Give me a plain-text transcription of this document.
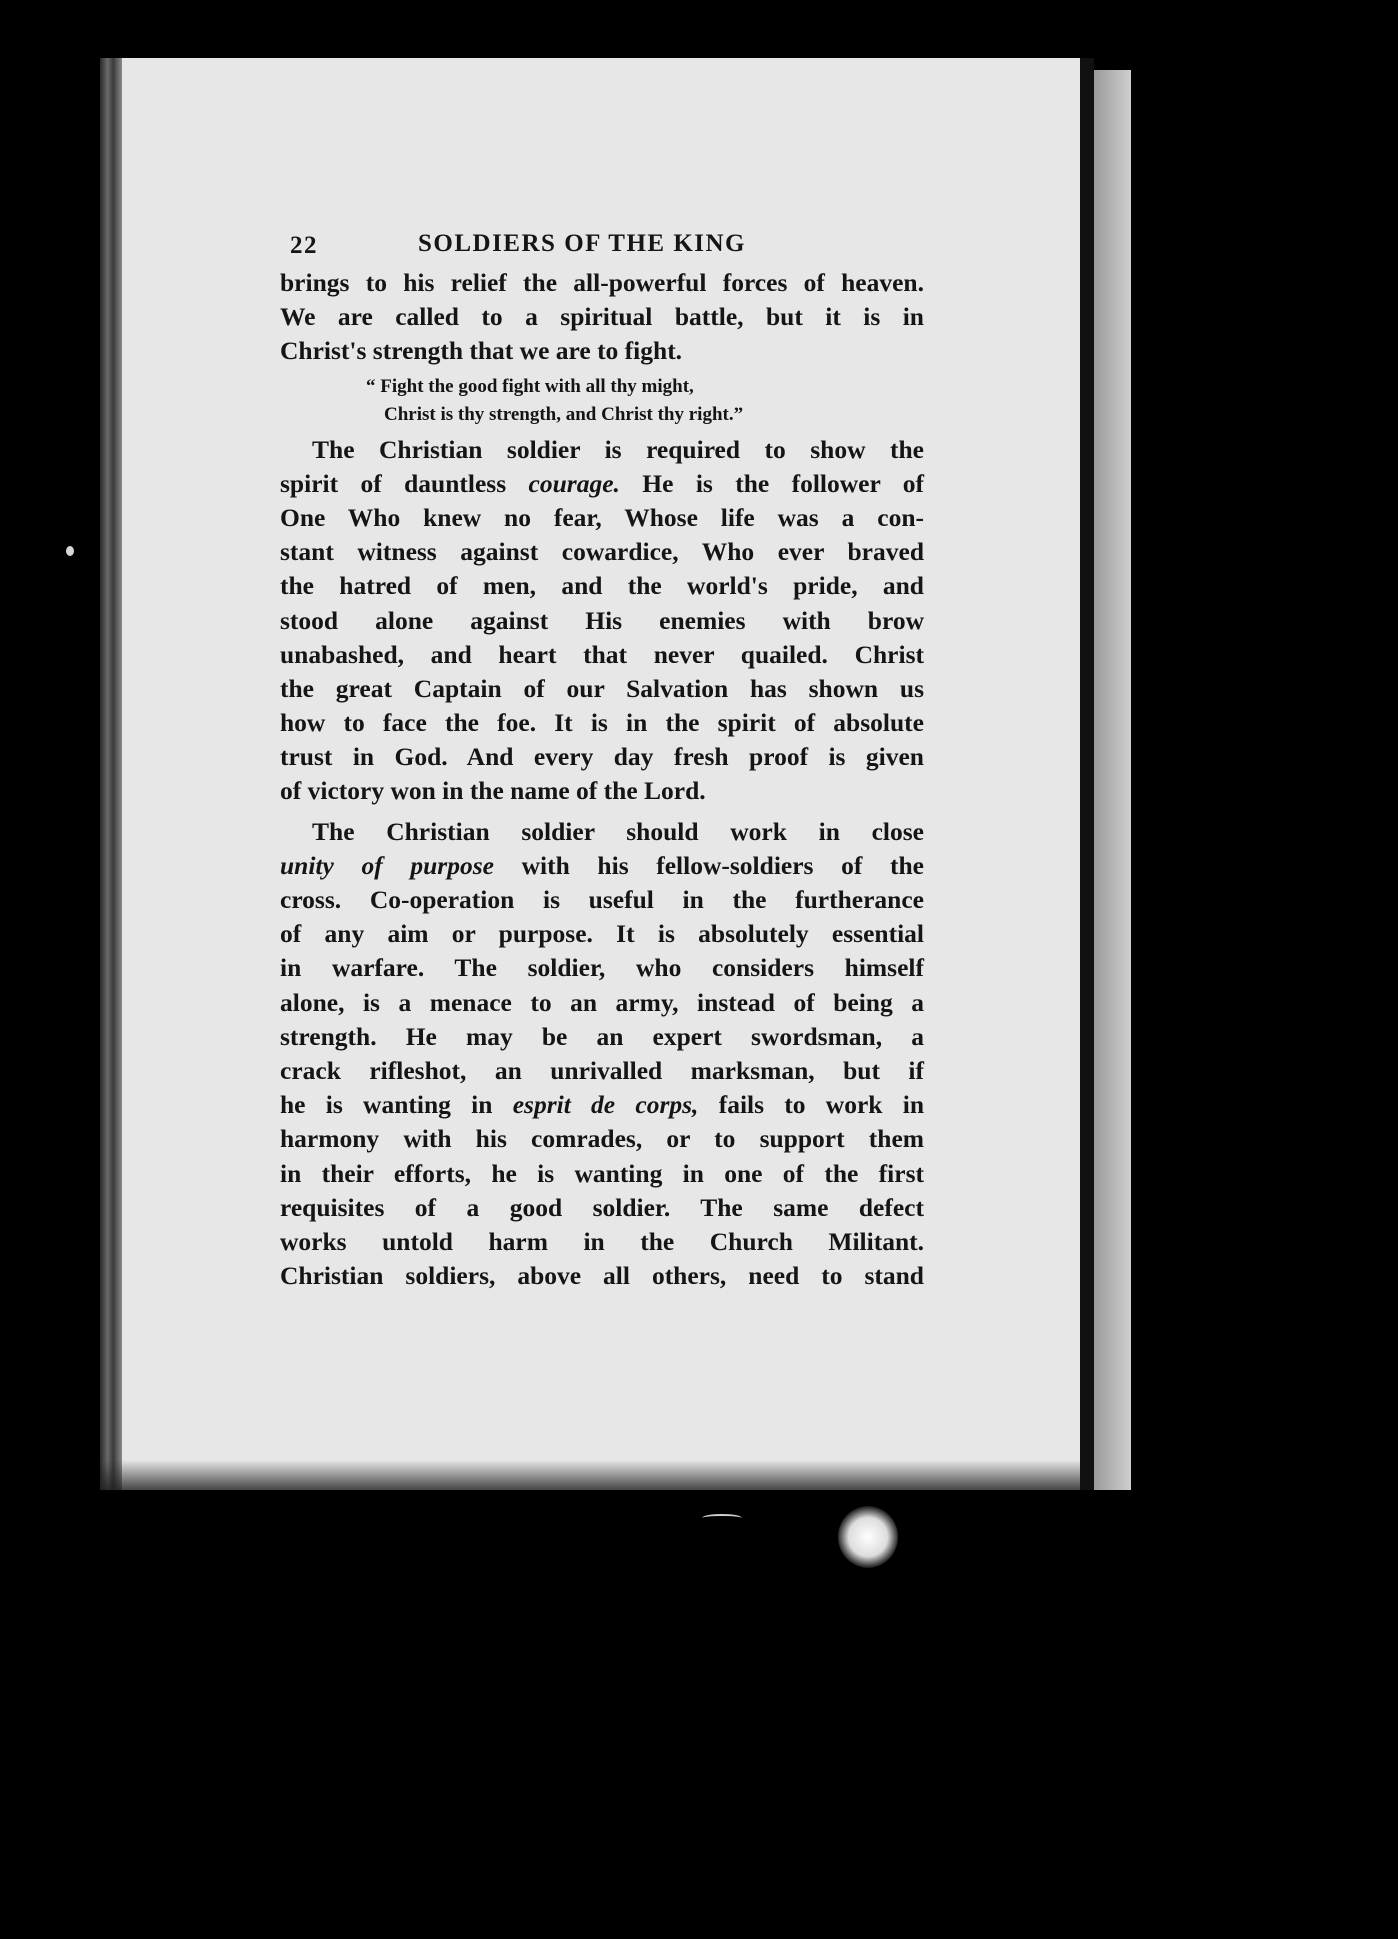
22	SOLDIERS OF THE KING
brings to his relief the all-powerful forces of heaven.
We are called to a spiritual battle, but it is in
Christ's strength that we are to fight.
“ Fight the good fight with all thy might,
Christ is thy strength, and Christ thy right.”
The Christian soldier is required to show the
spirit of dauntless courage. He is the follower of
One Who knew no fear, Whose life was a con-
stant witness against cowardice, Who ever braved
the hatred of men, and the world's pride, and
stood alone against His enemies with brow
unabashed, and heart that never quailed. Christ
the great Captain of our Salvation has shown us
how to face the foe. It is in the spirit of absolute
trust in God. And every day fresh proof is given
of victory won in the name of the Lord.
The Christian soldier should work in close
unity of purpose with his fellow-soldiers of the
cross. Co-operation is useful in the furtherance
of any aim or purpose. It is absolutely essential
in warfare. The soldier, who considers himself
alone, is a menace to an army, instead of being a
strength. He may be an expert swordsman, a
crack rifleshot, an unrivalled marksman, but if
he is wanting in esprit de corps, fails to work in
harmony with his comrades, or to support them
in their efforts, he is wanting in one of the first
requisites of a good soldier. The same defect
works untold harm in the Church Militant.
Christian soldiers, above all others, need to stand
